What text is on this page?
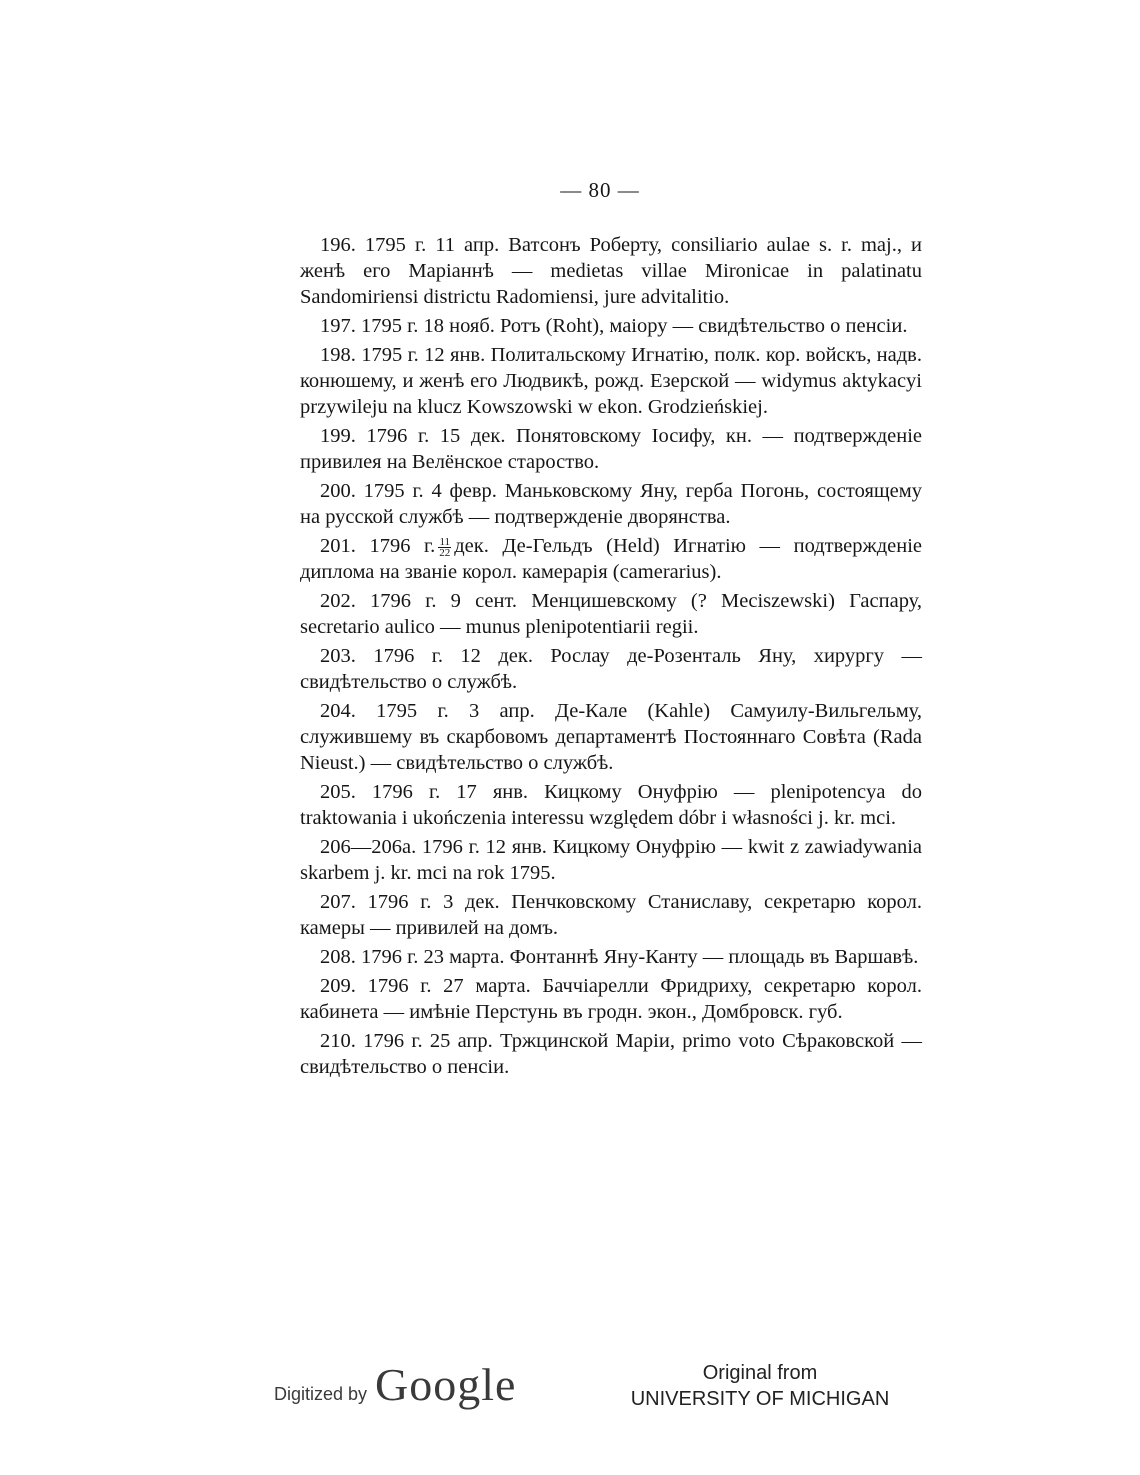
— 80 —

196. 1795 г. 11 апр. Ватсонъ Роберту, consiliario aulae s. r. maj., и женѣ его Маріаннѣ — medietas villae Mironicae in palatinatu Sandomiriensi districtu Radomiensi, jure advitalitio.

197. 1795 г. 18 нояб. Ротъ (Roht), маіору — свидѣтельство о пенсіи.

198. 1795 г. 12 янв. Политальскому Игнатію, полк. кор. войскъ, надв. конюшему, и женѣ его Людвикѣ, рожд. Езерской — widymus aktykacyi przywileju na klucz Kowszowski w ekon. Grodzieńskiej.

199. 1796 г. 15 дек. Понятовскому Іосифу, кн. — подтвержденіе привилея на Велёнское староство.

200. 1795 г. 4 февр. Маньковскому Яну, герба Погонь, состоящему на русской службѣ — подтвержденіе дворянства.

201. 1796 г. $\frac{11}{22}$ дек. Де-Гельдъ (Held) Игнатію — подтвержденіе диплома на званіе корол. камерарія (camerarius).

202. 1796 г. 9 сент. Менцишевскому (? Meciszewski) Гаспару, secretario aulico — munus plenipotentiarii regii.

203. 1796 г. 12 дек. Рослау де-Розенталь Яну, хирургу — свидѣтельство о службѣ.

204. 1795 г. 3 апр. Де-Кале (Kahle) Самуилу-Вильгельму, служившему въ скарбовомъ департаментѣ Постояннаго Совѣта (Rada Nieust.) — свидѣтельство о службѣ.

205. 1796 г. 17 янв. Кицкому Онуфрію — plenipotencya do traktowania i ukończenia interessu względem dóbr i własności j. kr. mci.

206—206a. 1796 г. 12 янв. Кицкому Онуфрію — kwit z zawiadywania skarbem j. kr. mci na rok 1795.

207. 1796 г. 3 дек. Пенчковскому Станиславу, секретарю корол. камеры — привилей на домъ.

208. 1796 г. 23 марта. Фонтаннѣ Яну-Канту — площадь въ Варшавѣ.

209. 1796 г. 27 марта. Баччіарелли Фридриху, секретарю корол. кабинета — имѣніе Перстунь въ гродн. экон., Домбровск. губ.

210. 1796 г. 25 апр. Тржцинской Маріи, primo voto Сѣраковской — свидѣтельство о пенсіи.

Digitized by Google	Original from
UNIVERSITY OF MICHIGAN
